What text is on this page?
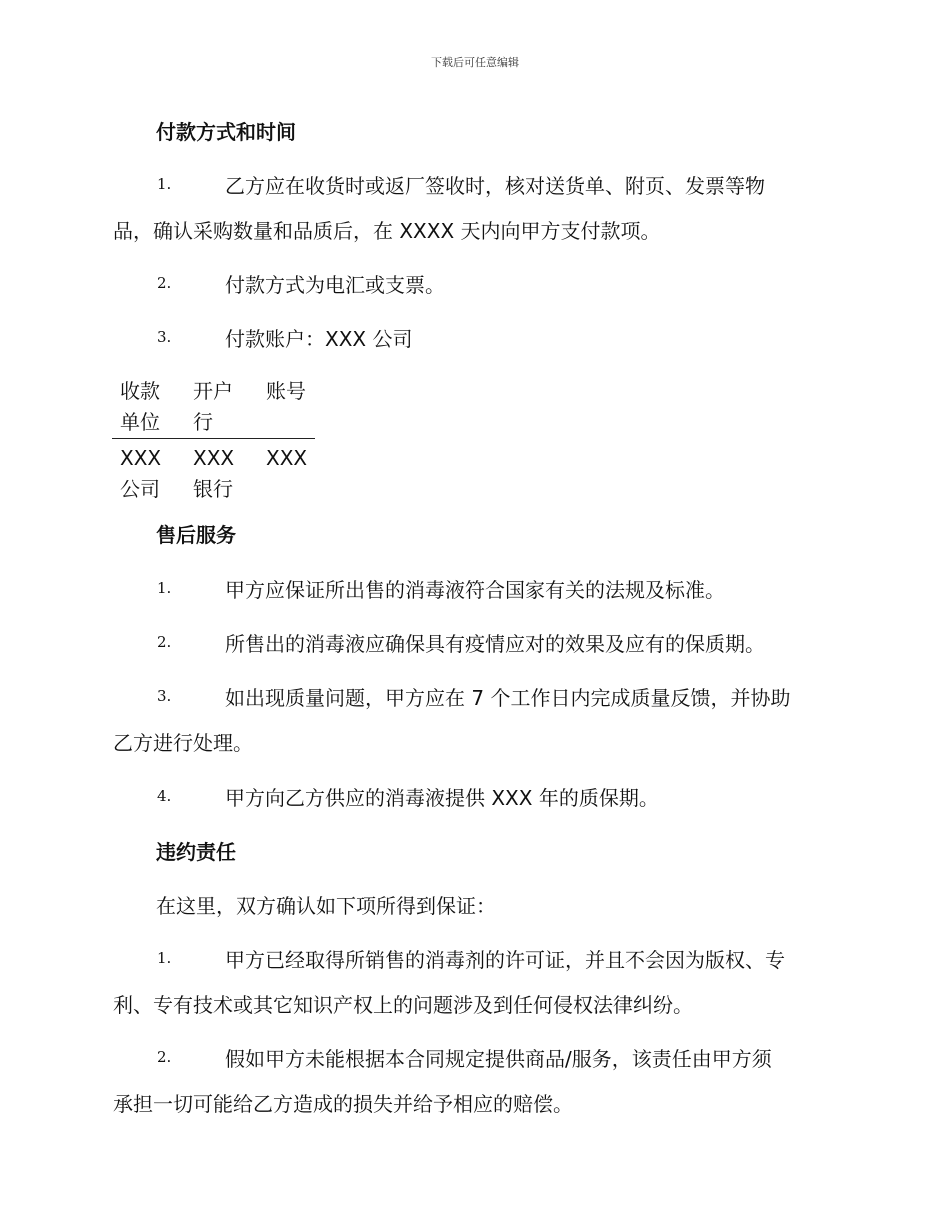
下载后可任意编辑
付款方式和时间
1.	乙方应在收货时或返厂签收时，核对送货单、附页、发票等物
品，确认采购数量和品质后，在 XXXX 天内向甲方支付款项。
2.	付款方式为电汇或支票。
3.	付款账户：XXX 公司
收款单位	开户行	账号
XXX 公司	XXX 银行	XXX
售后服务
1.	甲方应保证所出售的消毒液符合国家有关的法规及标准。
2.	所售出的消毒液应确保具有疫情应对的效果及应有的保质期。
3.	如出现质量问题，甲方应在 7 个工作日内完成质量反馈，并协助
乙方进行处理。
4.	甲方向乙方供应的消毒液提供 XXX 年的质保期。
违约责任
在这里，双方确认如下项所得到保证：
1.	甲方已经取得所销售的消毒剂的许可证，并且不会因为版权、专
利、专有技术或其它知识产权上的问题涉及到任何侵权法律纠纷。
2.	假如甲方未能根据本合同规定提供商品/服务，该责任由甲方须
承担一切可能给乙方造成的损失并给予相应的赔偿。
